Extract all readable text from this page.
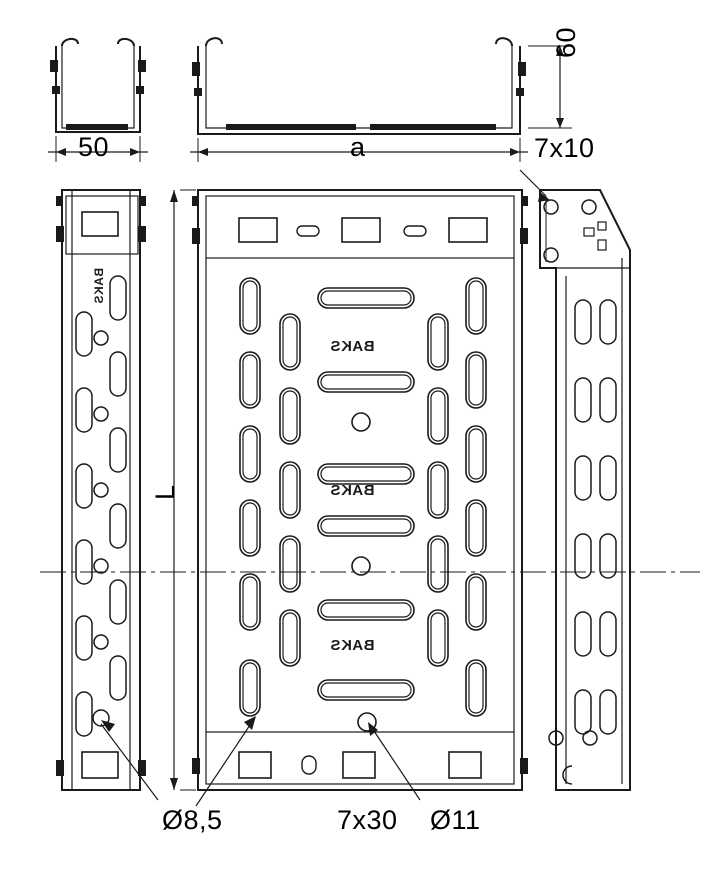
50
60
a	7x10
L
Ø8,5	7x30 Ø11
BAKS
BAKS
BAKS
BAKS
